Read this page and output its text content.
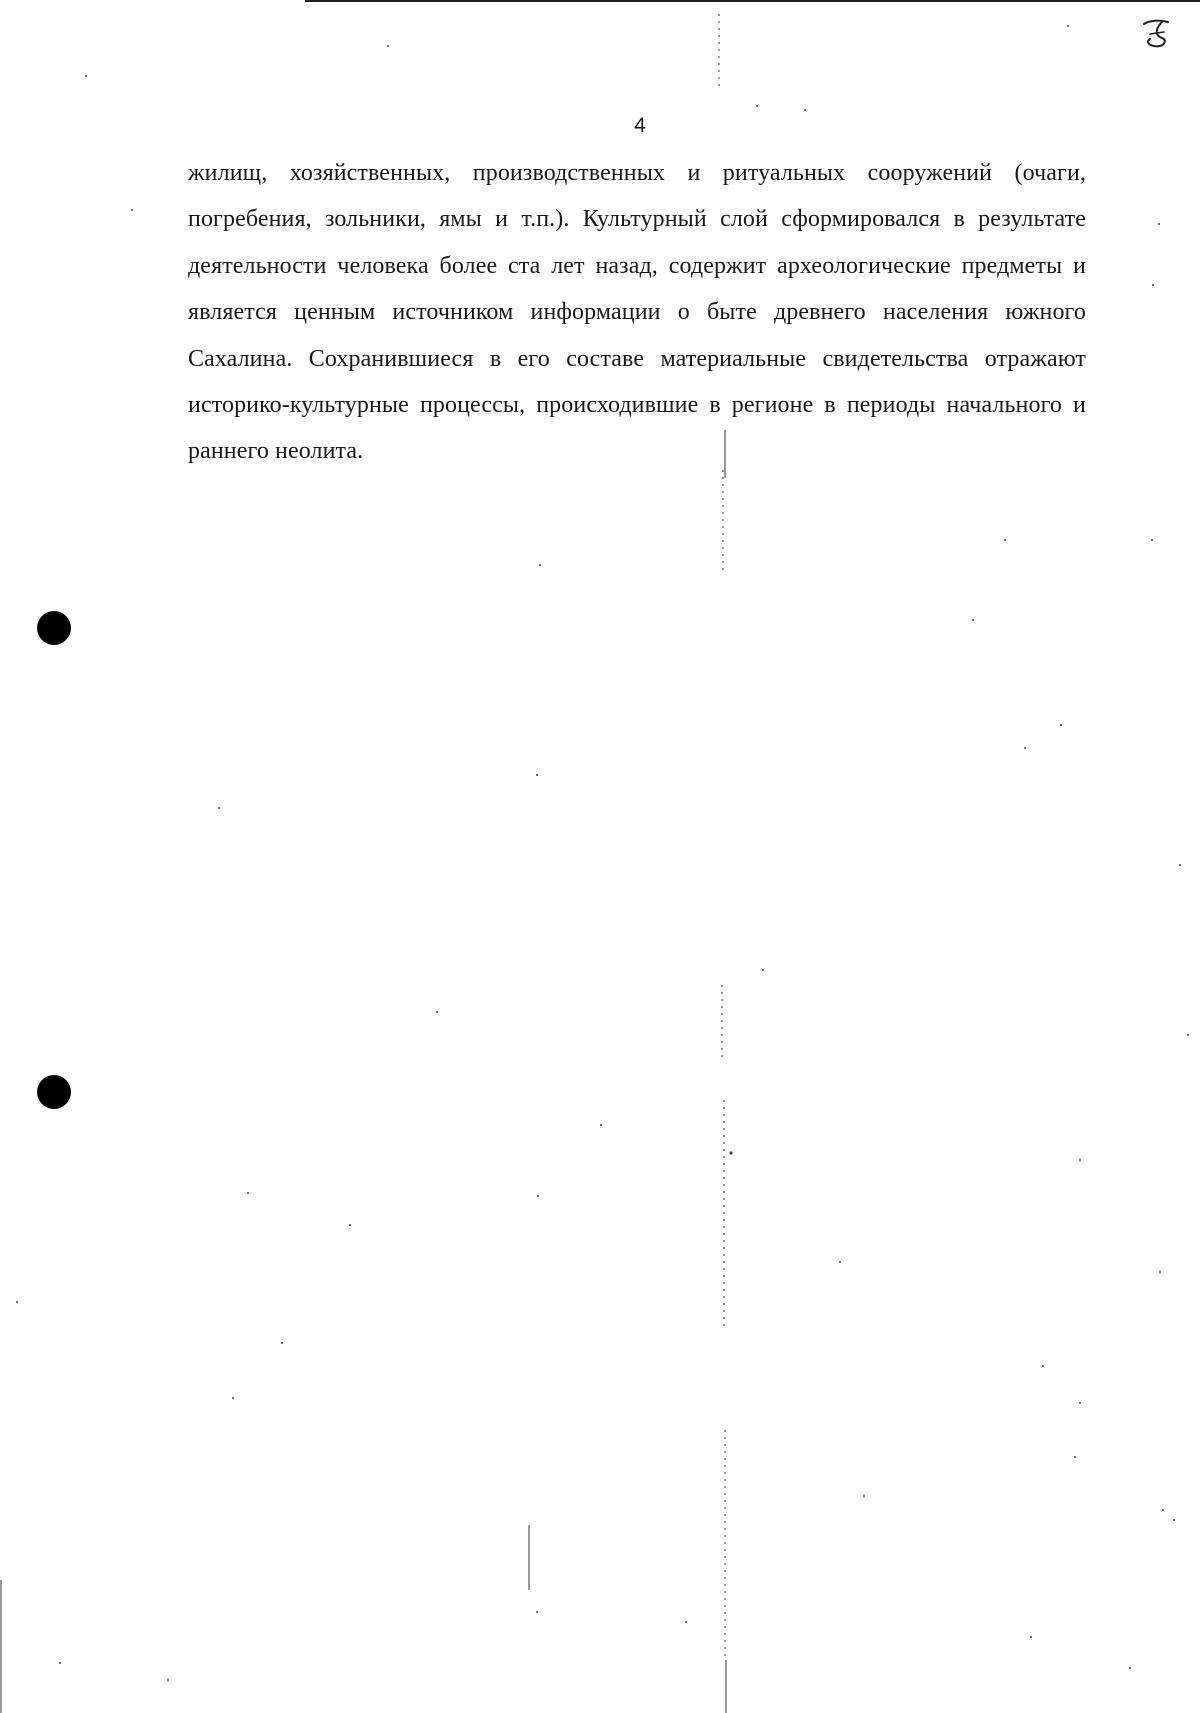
4

жилищ, хозяйственных, производственных и ритуальных сооружений (очаги, погребения, зольники, ямы и т.п.). Культурный слой сформировался в результате деятельности человека более ста лет назад, содержит археологические предметы и является ценным источником информации о быте древнего населения южного Сахалина. Сохранившиеся в его составе материальные свидетельства отражают историко-культурные процессы, происходившие в регионе в периоды начального и раннего неолита.
